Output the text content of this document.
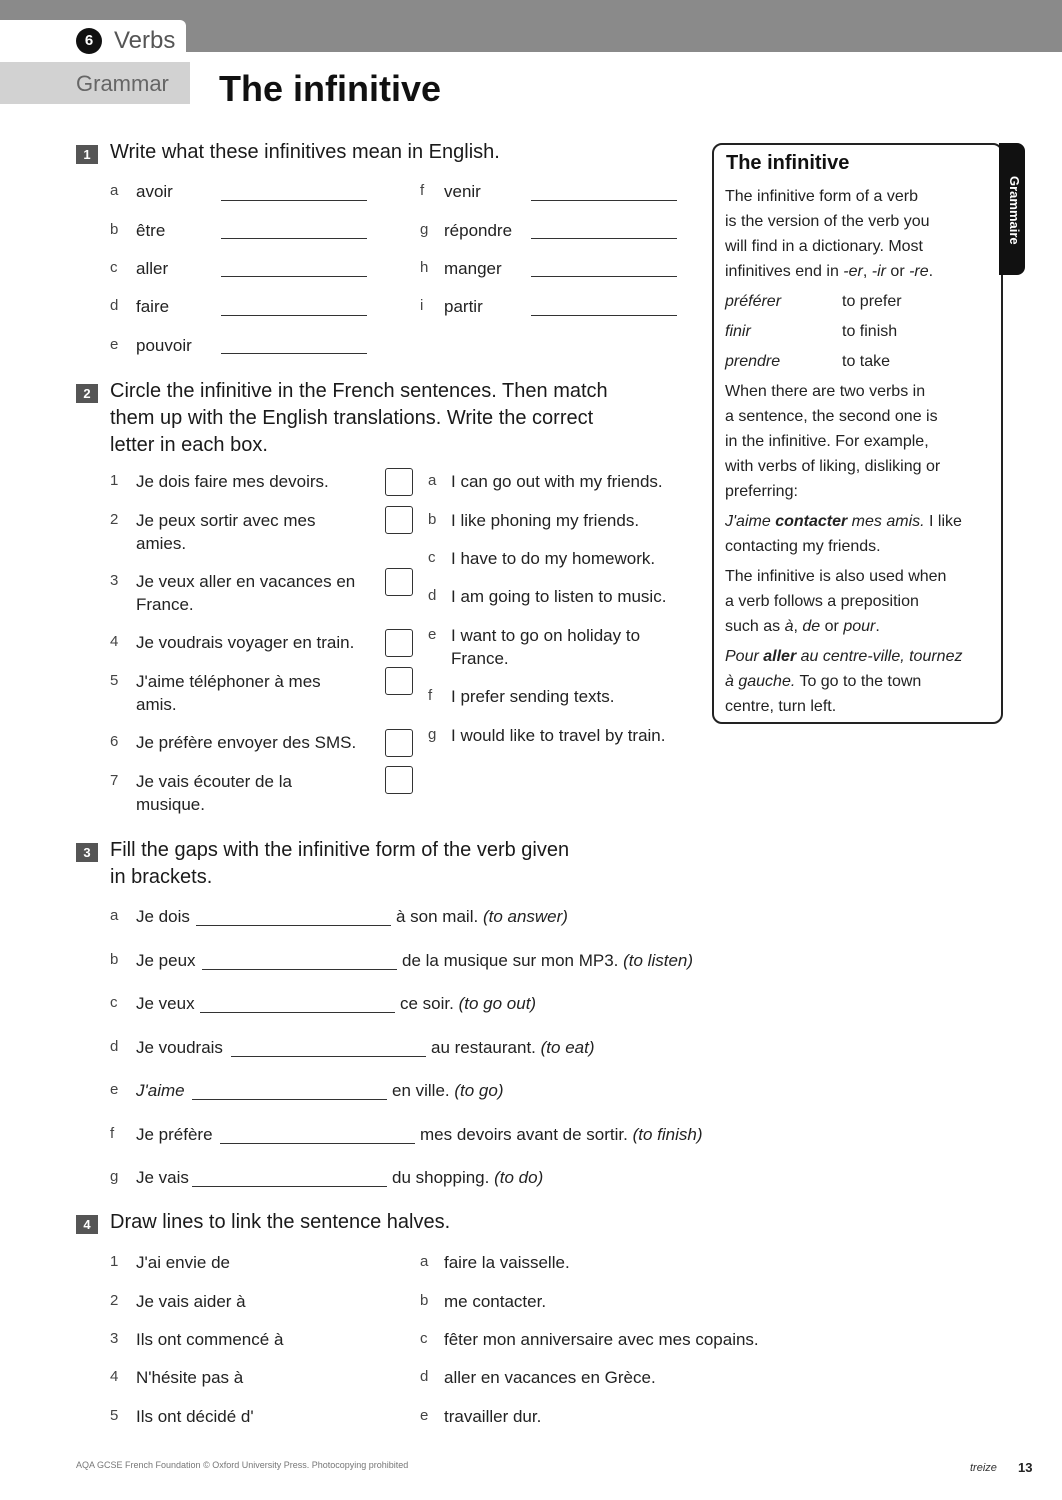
6 Verbs
Grammar The infinitive
1 Write what these infinitives mean in English.
a avoir
b être
c aller
d faire
e pouvoir
f venir
g répondre
h manger
i partir
2 Circle the infinitive in the French sentences. Then match
them up with the English translations. Write the correct
letter in each box.
1 Je dois faire mes devoirs.
2 Je peux sortir avec mes
amies.
3 Je veux aller en vacances en
France.
4 Je voudrais voyager en train.
5 J'aime téléphoner à mes
amis.
6 Je préfère envoyer des SMS.
7 Je vais écouter de la
musique.
a I can go out with my friends.
b I like phoning my friends.
c I have to do my homework.
d I am going to listen to music.
e I want to go on holiday to
France.
f I prefer sending texts.
g I would like to travel by train.
Grammaire
The infinitive
The infinitive form of a verb
is the version of the verb you
will find in a dictionary. Most
infinitives end in -er, -ir or -re.
préférer	to prefer
finir	to finish
prendre	to take
When there are two verbs in
a sentence, the second one is
in the infinitive. For example,
with verbs of liking, disliking or
preferring:
J'aime contacter mes amis. I like
contacting my friends.
The infinitive is also used when
a verb follows a preposition
such as à, de or pour.
Pour aller au centre-ville, tournez
à gauche. To go to the town
centre, turn left.
3 Fill the gaps with the infinitive form of the verb given
in brackets.
a Je dois	à son mail. (to answer)
b Je peux	de la musique sur mon MP3. (to listen)
c Je veux	ce soir. (to go out)
d Je voudrais	au restaurant. (to eat)
e J'aime	en ville. (to go)
f Je préfère	mes devoirs avant de sortir. (to finish)
g Je vais	du shopping. (to do)
4 Draw lines to link the sentence halves.
1 J'ai envie de
2 Je vais aider à
3 Ils ont commencé à
4 N'hésite pas à
5 Ils ont décidé d'
a faire la vaisselle.
b me contacter.
c fêter mon anniversaire avec mes copains.
d aller en vacances en Grèce.
e travailler dur.
AQA GCSE French Foundation © Oxford University Press. Photocopying prohibited	treize 13
